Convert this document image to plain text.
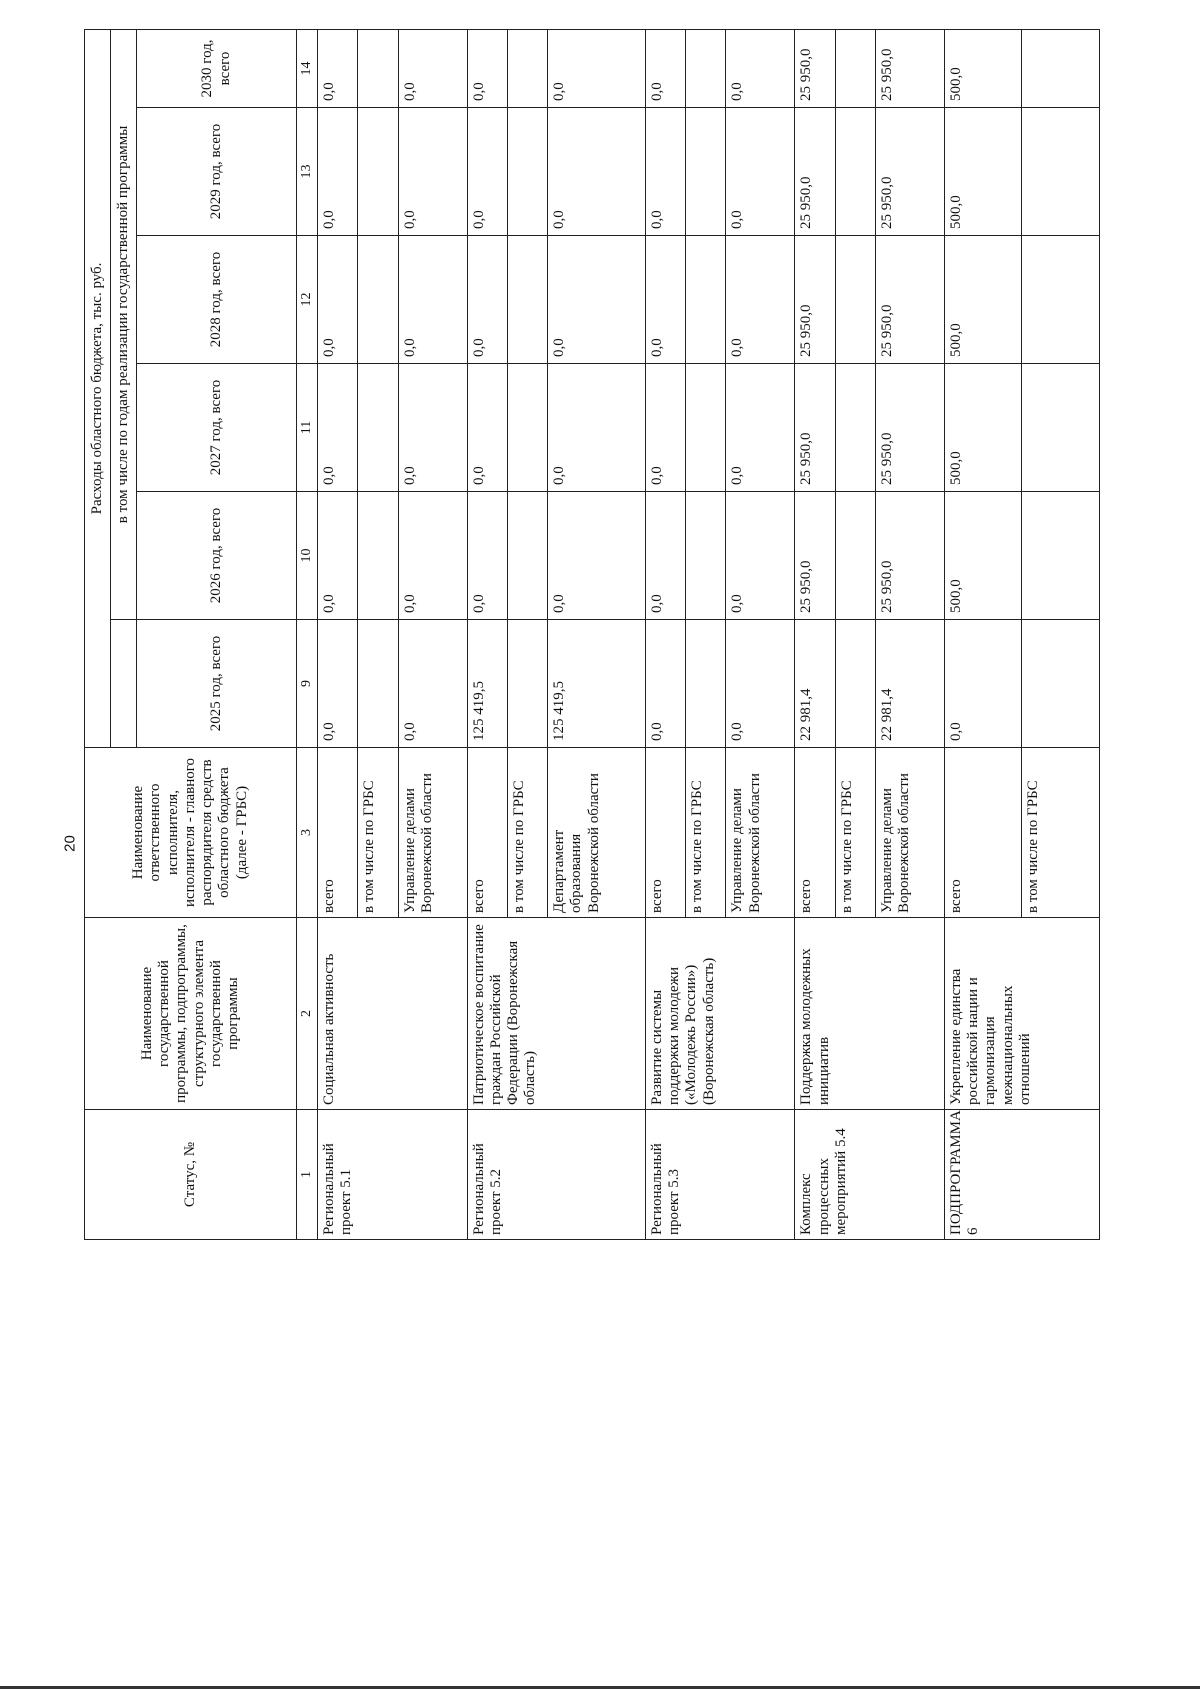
20
Статус, №	Наименование государственной программы, подпрограммы, структурного элемента государственной программы	Наименование ответственного исполнителя, исполнителя - главного распорядителя средств областного бюджета (далее - ГРБС)	Расходы областного бюджета, тыс. руб.					
				в том числе по годам реализации государственной программы				
			2025 год, всего	2026 год, всего	2027 год, всего	2028 год, всего	2029 год, всего	2030 год, всего
1	2	3	9	10	11	12	13	14
Региональный проект 5.1	Социальная активность	всего	0,0	0,0	0,0	0,0	0,0	0,0
		в том числе по ГРБС						
		Управление делами Воронежской области	0,0	0,0	0,0	0,0	0,0	0,0
Региональный проект 5.2	Патриотическое воспитание граждан Российской Федерации (Воронежская область)	всего	125 419,5	0,0	0,0	0,0	0,0	0,0
		в том числе по ГРБС						
		Департамент образования Воронежской области	125 419,5	0,0	0,0	0,0	0,0	0,0
Региональный проект 5.3	Развитие системы поддержки молодежи («Молодежь России») (Воронежская область)	всего	0,0	0,0	0,0	0,0	0,0	0,0
		в том числе по ГРБС						
		Управление делами Воронежской области	0,0	0,0	0,0	0,0	0,0	0,0
Комплекс процессных мероприятий 5.4	Поддержка молодежных инициатив	всего	22 981,4	25 950,0	25 950,0	25 950,0	25 950,0	25 950,0
		в том числе по ГРБС						
		Управление делами Воронежской области	22 981,4	25 950,0	25 950,0	25 950,0	25 950,0	25 950,0
ПОДПРОГРАММА 6	Укрепление единства российской нации и гармонизация межнациональных отношений	всего	0,0	500,0	500,0	500,0	500,0	500,0
		в том числе по ГРБС						
